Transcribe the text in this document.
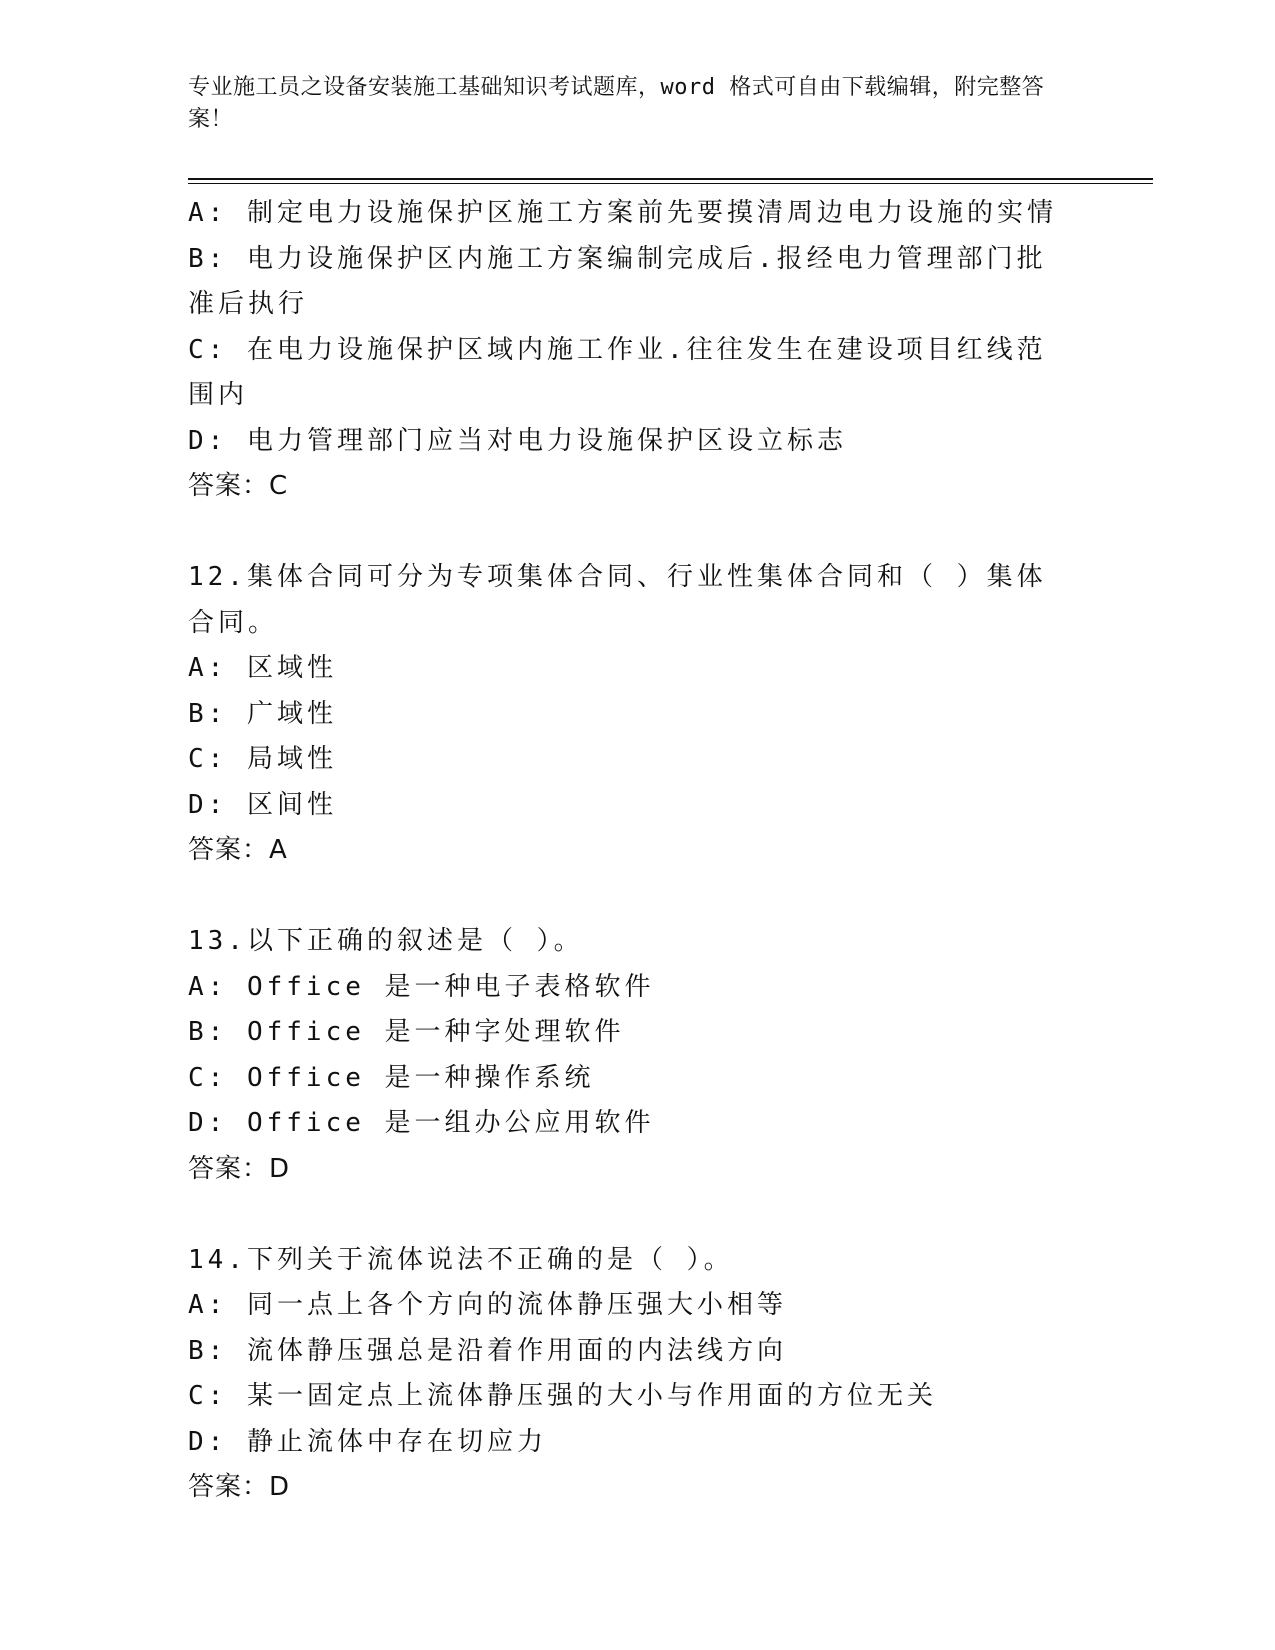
专业施工员之设备安装施工基础知识考试题库，word 格式可自由下载编辑，附完整答案！
A: 制定电力设施保护区施工方案前先要摸清周边电力设施的实情
B: 电力设施保护区内施工方案编制完成后.报经电力管理部门批准后执行
C: 在电力设施保护区域内施工作业.往往发生在建设项目红线范围内
D: 电力管理部门应当对电力设施保护区设立标志
答案：C
12.集体合同可分为专项集体合同、行业性集体合同和（ ）集体合同。
A: 区域性
B: 广域性
C: 局域性
D: 区间性
答案：A
13.以下正确的叙述是（ ）。
A: Office 是一种电子表格软件
B: Office 是一种字处理软件
C: Office 是一种操作系统
D: Office 是一组办公应用软件
答案：D
14.下列关于流体说法不正确的是（ ）。
A: 同一点上各个方向的流体静压强大小相等
B: 流体静压强总是沿着作用面的内法线方向
C: 某一固定点上流体静压强的大小与作用面的方位无关
D: 静止流体中存在切应力
答案：D
